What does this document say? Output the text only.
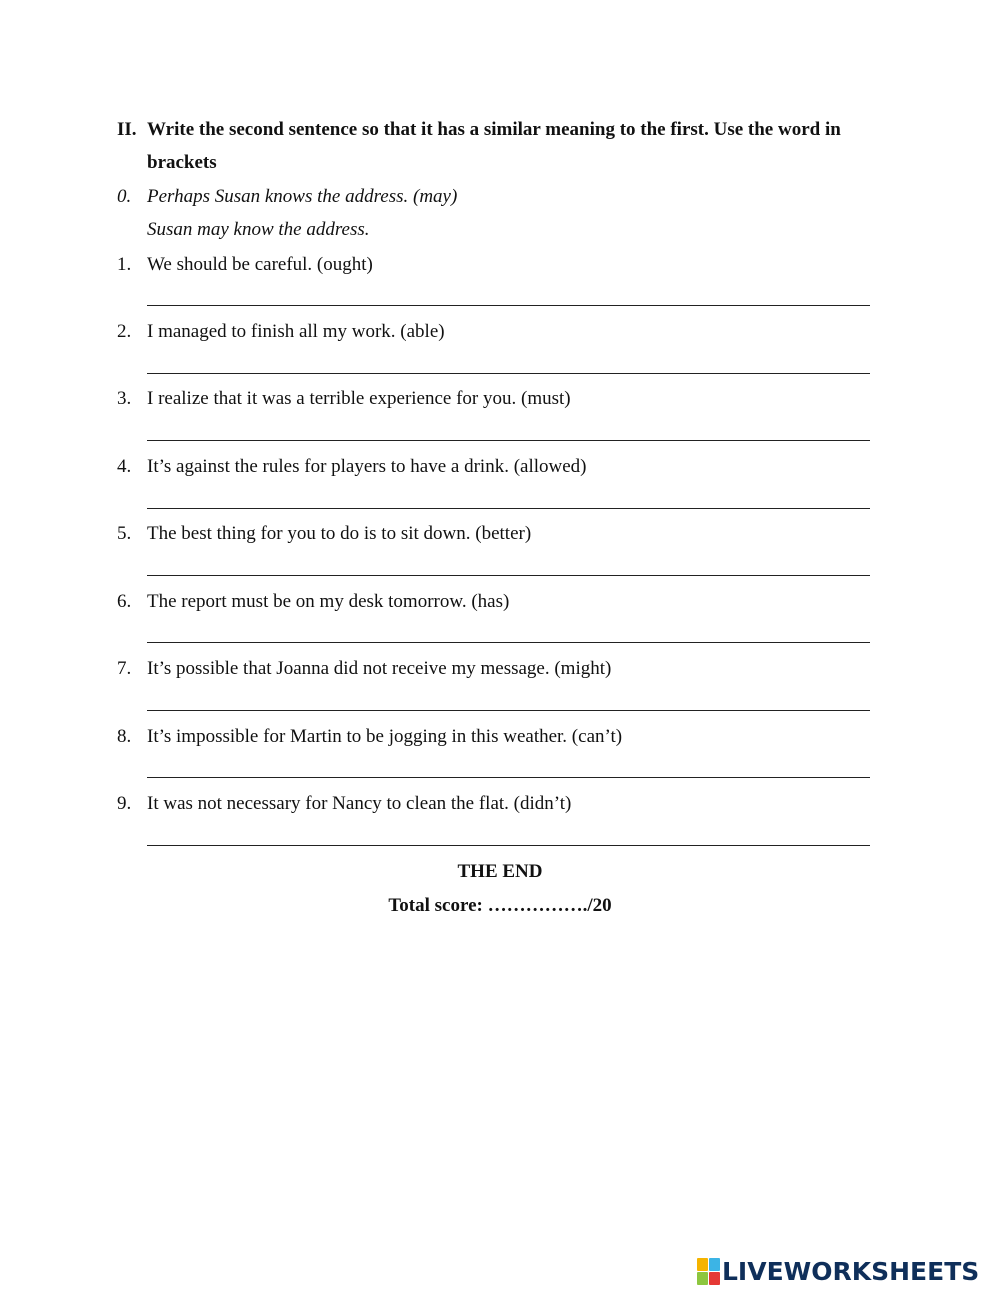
II. Write the second sentence so that it has a similar meaning to the first. Use the word in
brackets
0. Perhaps Susan knows the address. (may)
Susan may know the address.
1. We should be careful. (ought)
2. I managed to finish all my work. (able)
3. I realize that it was a terrible experience for you. (must)
4. It’s against the rules for players to have a drink. (allowed)
5. The best thing for you to do is to sit down. (better)
6. The report must be on my desk tomorrow. (has)
7. It’s possible that Joanna did not receive my message. (might)
8. It’s impossible for Martin to be jogging in this weather. (can’t)
9. It was not necessary for Nancy to clean the flat. (didn’t)
THE END
Total score: ……………./20
LIVEWORKSHEETS
